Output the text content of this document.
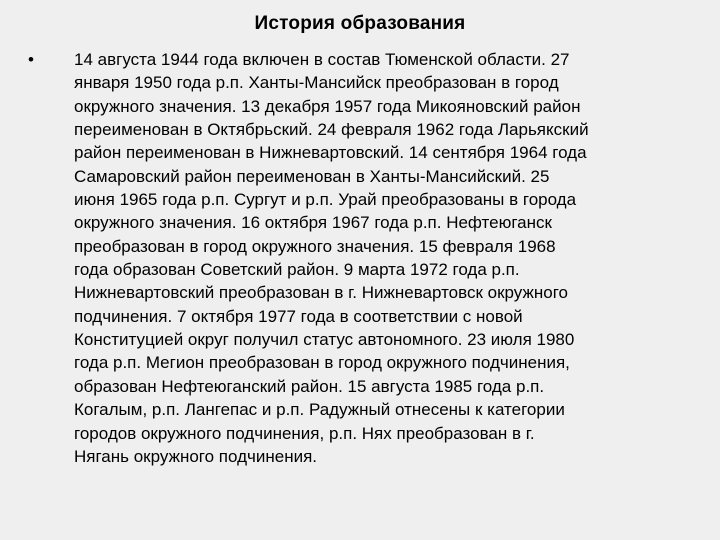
История образования
•	14 августа 1944 года включен в состав Тюменской области. 27
января 1950 года р.п. Ханты-Мансийск преобразован в город
окружного значения. 13 декабря 1957 года Микояновский район
переименован в Октябрьский. 24 февраля 1962 года Ларьякский
район переименован в Нижневартовский. 14 сентября 1964 года
Самаровский район переименован в Ханты-Мансийский. 25
июня 1965 года р.п. Сургут и р.п. Урай преобразованы в города
окружного значения. 16 октября 1967 года р.п. Нефтеюганск
преобразован в город окружного значения. 15 февраля 1968
года образован Советский район. 9 марта 1972 года р.п.
Нижневартовский преобразован в г. Нижневартовск окружного
подчинения. 7 октября 1977 года в соответствии с новой
Конституцией округ получил статус автономного. 23 июля 1980
года р.п. Мегион преобразован в город окружного подчинения,
образован Нефтеюганский район. 15 августа 1985 года р.п.
Когалым, р.п. Лангепас и р.п. Радужный отнесены к категории
городов окружного подчинения, р.п. Нях преобразован в г.
Нягань окружного подчинения.
